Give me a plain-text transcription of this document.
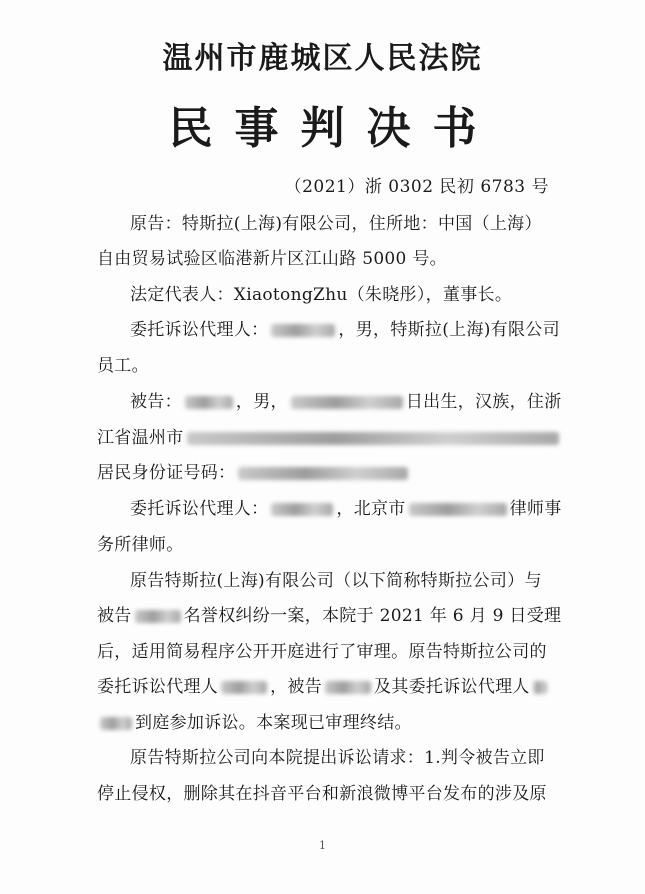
温州市鹿城区人民法院
民事判决书
（2021）浙 0302 民初 6783 号
原告：特斯拉(上海)有限公司，住所地：中国（上海）
自由贸易试验区临港新片区江山路 5000 号。
法定代表人：XiaotongZhu（朱晓彤），董事长。
委托诉讼代理人：	，男，特斯拉(上海)有限公司
员工。
被告：	，男，	日出生，汉族，住浙
江省温州市
居民身份证号码：
委托诉讼代理人：	，北京市	律师事
务所律师。
原告特斯拉(上海)有限公司（以下简称特斯拉公司）与
被告	名誉权纠纷一案，本院于 2021 年 6 月 9 日受理
后，适用简易程序公开开庭进行了审理。原告特斯拉公司的
委托诉讼代理人	，被告	及其委托诉讼代理人
到庭参加诉讼。本案现已审理终结。
原告特斯拉公司向本院提出诉讼请求：1.判令被告立即
停止侵权，删除其在抖音平台和新浪微博平台发布的涉及原
1
